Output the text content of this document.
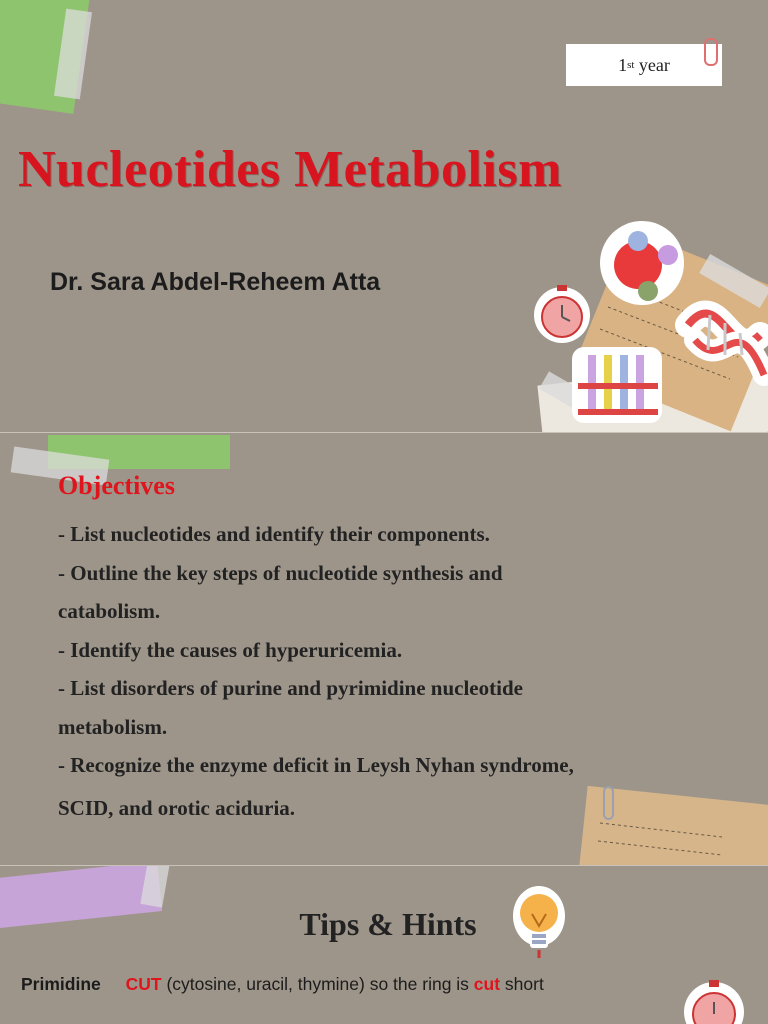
1 st
year
Nucleotides Metabolism
Dr. Sara Abdel-Reheem Atta
Objectives
- List nucleotides and identify their components.
- Outline the key steps of nucleotide synthesis and
catabolism.
- Identify the causes of hyperuricemia.
- List disorders of purine and pyrimidine nucleotide
metabolism.
- Recognize the enzyme deficit in Leysh Nyhan syndrome,
SCID, and orotic aciduria.
Tips & Hints
Primidine CUT (cytosine, uracil, thymine) so the ring is cut short
